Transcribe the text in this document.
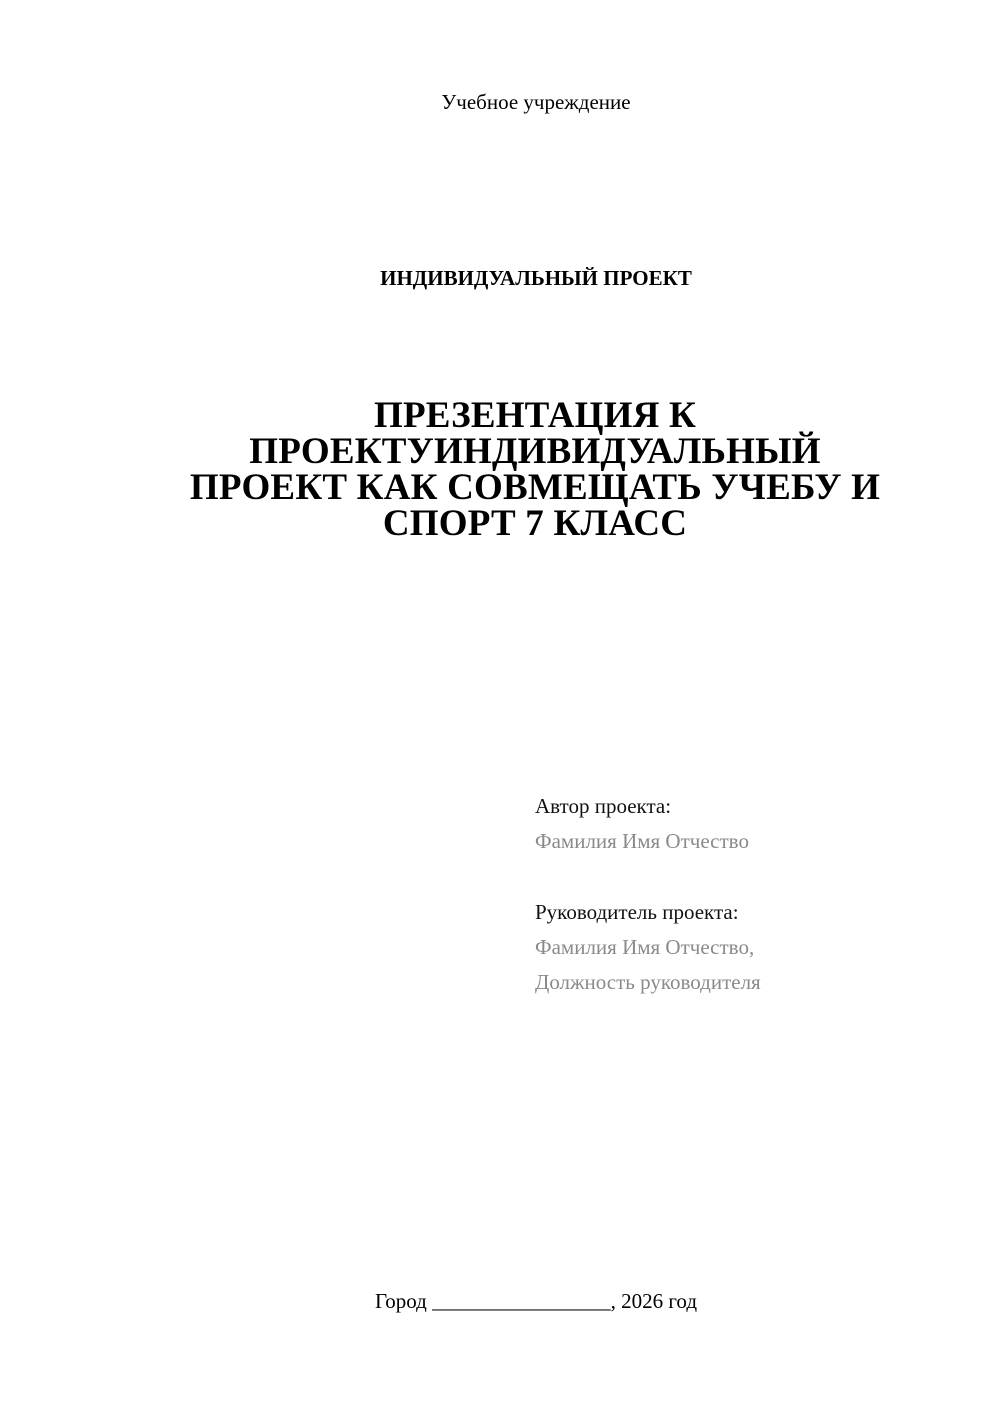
Учебное учреждение
ИНДИВИДУАЛЬНЫЙ ПРОЕКТ
ПРЕЗЕНТАЦИЯ К
ПРОЕКТУИНДИВИДУАЛЬНЫЙ
ПРОЕКТ КАК СОВМЕЩАТЬ УЧЕБУ И
СПОРТ 7 КЛАСС
Автор проекта:
Фамилия Имя Отчество
Руководитель проекта:
Фамилия Имя Отчество,
Должность руководителя
Город _________________, 2026 год
